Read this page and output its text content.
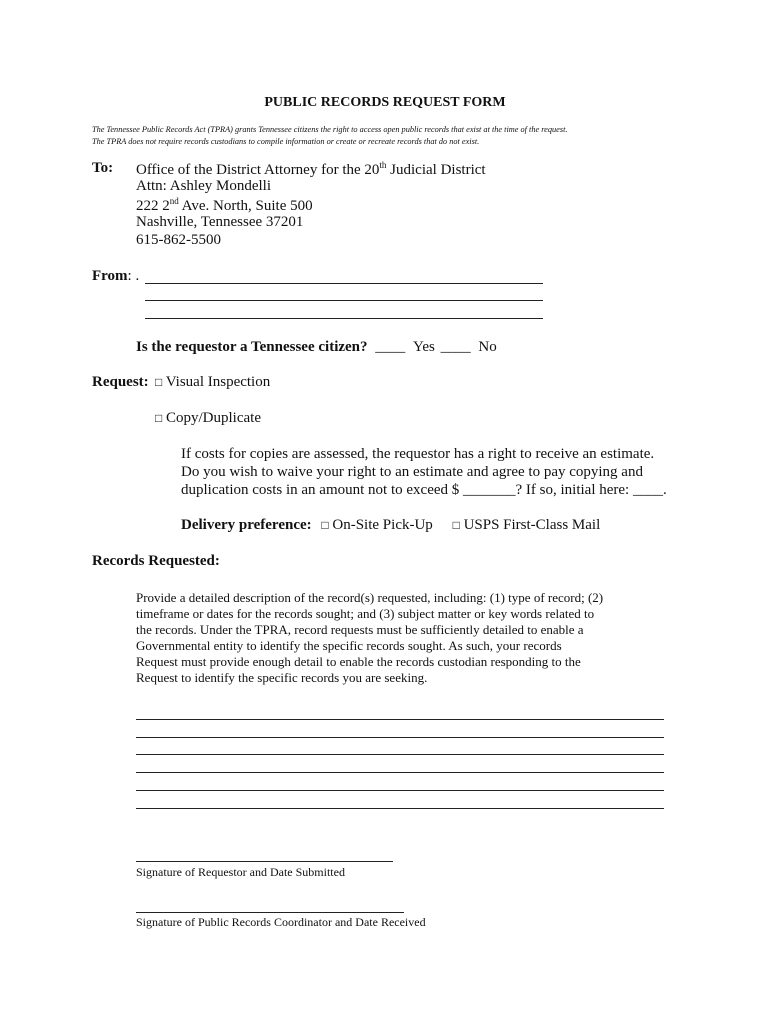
PUBLIC RECORDS REQUEST FORM
The Tennessee Public Records Act (TPRA) grants Tennessee citizens the right to access open public records that exist at the time of the request.
The TPRA does not require records custodians to compile information or create or recreate records that do not exist.
To: Office of the District Attorney for the 20th Judicial District
Attn: Ashley Mondelli
222 2nd Ave. North, Suite 500
Nashville, Tennessee 37201
615-862-5500
From: .
Is the requestor a Tennessee citizen? ____ Yes ____ No
Request: □ Visual Inspection
□ Copy/Duplicate
If costs for copies are assessed, the requestor has a right to receive an estimate.
Do you wish to waive your right to an estimate and agree to pay copying and
duplication costs in an amount not to exceed $ _______? If so, initial here: ____.
Delivery preference: □ On-Site Pick-Up □ USPS First-Class Mail
Records Requested:
Provide a detailed description of the record(s) requested, including: (1) type of record; (2)
timeframe or dates for the records sought; and (3) subject matter or key words related to
the records. Under the TPRA, record requests must be sufficiently detailed to enable a
Governmental entity to identify the specific records sought. As such, your records
Request must provide enough detail to enable the records custodian responding to the
Request to identify the specific records you are seeking.
Signature of Requestor and Date Submitted
Signature of Public Records Coordinator and Date Received
